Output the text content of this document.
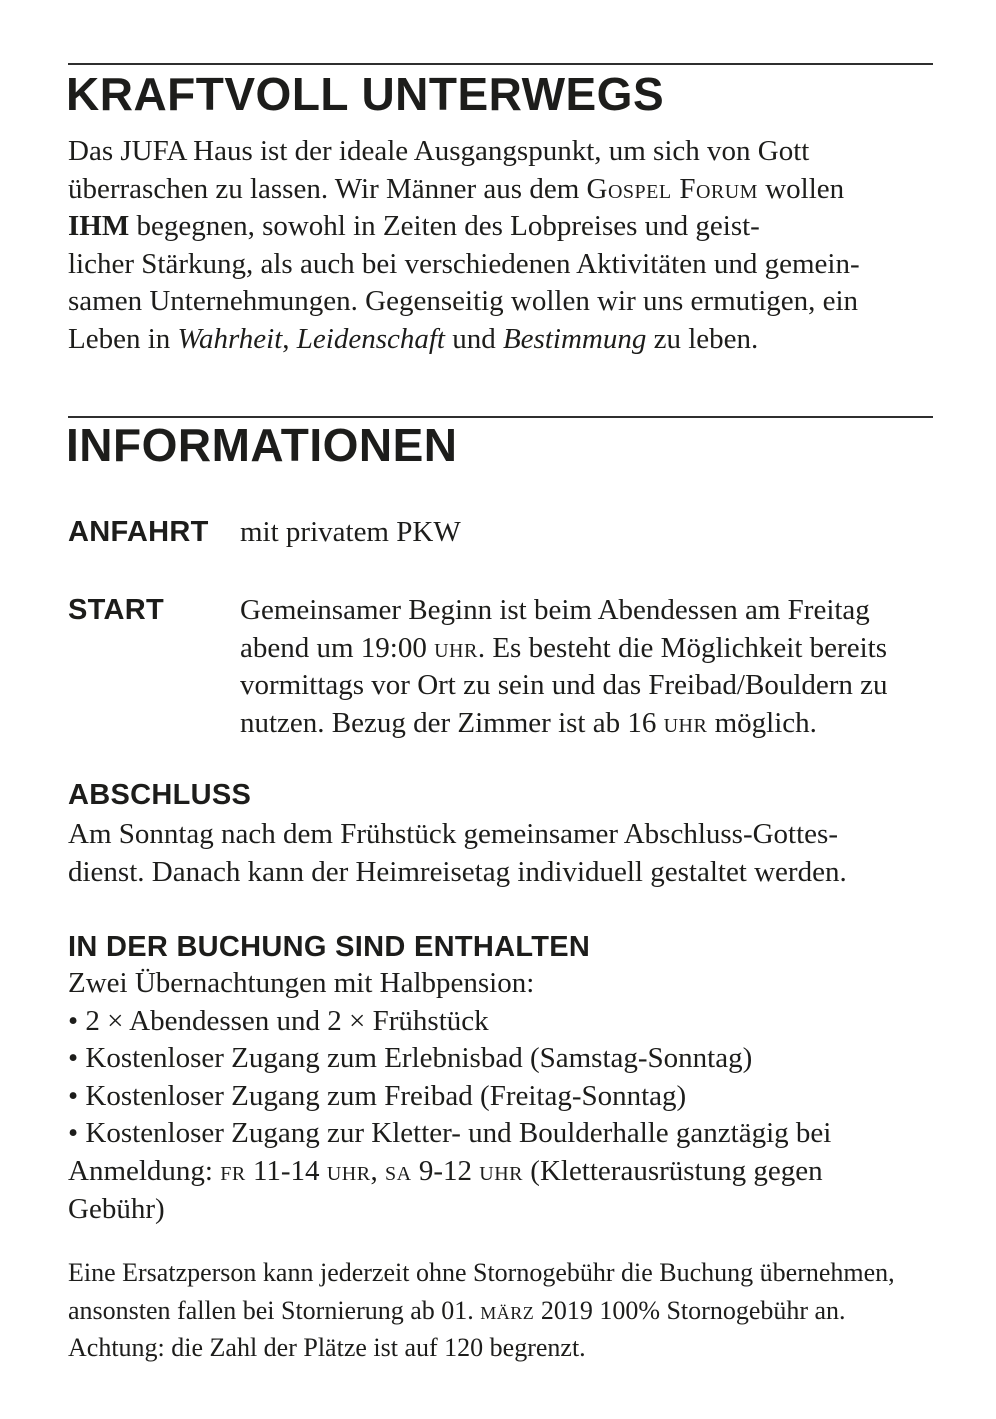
KRAFTVOLL UNTERWEGS
Das JUFA Haus ist der ideale Ausgangspunkt, um sich von Gott
überraschen zu lassen. Wir Männer aus dem Gospel Forum wollen
IHM begegnen, sowohl in Zeiten des Lobpreises und geist-
licher Stärkung, als auch bei verschiedenen Aktivitäten und gemein-
samen Unternehmungen. Gegenseitig wollen wir uns ermutigen, ein
Leben in Wahrheit, Leidenschaft und Bestimmung zu leben.
INFORMATIONEN
ANFAHRT mit privatem PKW
START	Gemeinsamer Beginn ist beim Abendessen am Freitag
abend um 19:00 uhr. Es besteht die Möglichkeit bereits
vormittags vor Ort zu sein und das Freibad/Bouldern zu
nutzen. Bezug der Zimmer ist ab 16 uhr möglich.
ABSCHLUSS
Am Sonntag nach dem Frühstück gemeinsamer Abschluss-Gottes-
dienst. Danach kann der Heimreisetag individuell gestaltet werden.
IN DER BUCHUNG SIND ENTHALTEN
Zwei Übernachtungen mit Halbpension:
• 2 × Abendessen und 2 × Frühstück
• Kostenloser Zugang zum Erlebnisbad (Samstag-Sonntag)
• Kostenloser Zugang zum Freibad (Freitag-Sonntag)
• Kostenloser Zugang zur Kletter- und Boulderhalle ganztägig bei
Anmeldung: fr 11-14 uhr, sa 9-12 uhr (Kletterausrüstung gegen
Gebühr)
Eine Ersatzperson kann jederzeit ohne Stornogebühr die Buchung übernehmen,
ansonsten fallen bei Stornierung ab 01. märz 2019 100% Stornogebühr an.
Achtung: die Zahl der Plätze ist auf 120 begrenzt.
